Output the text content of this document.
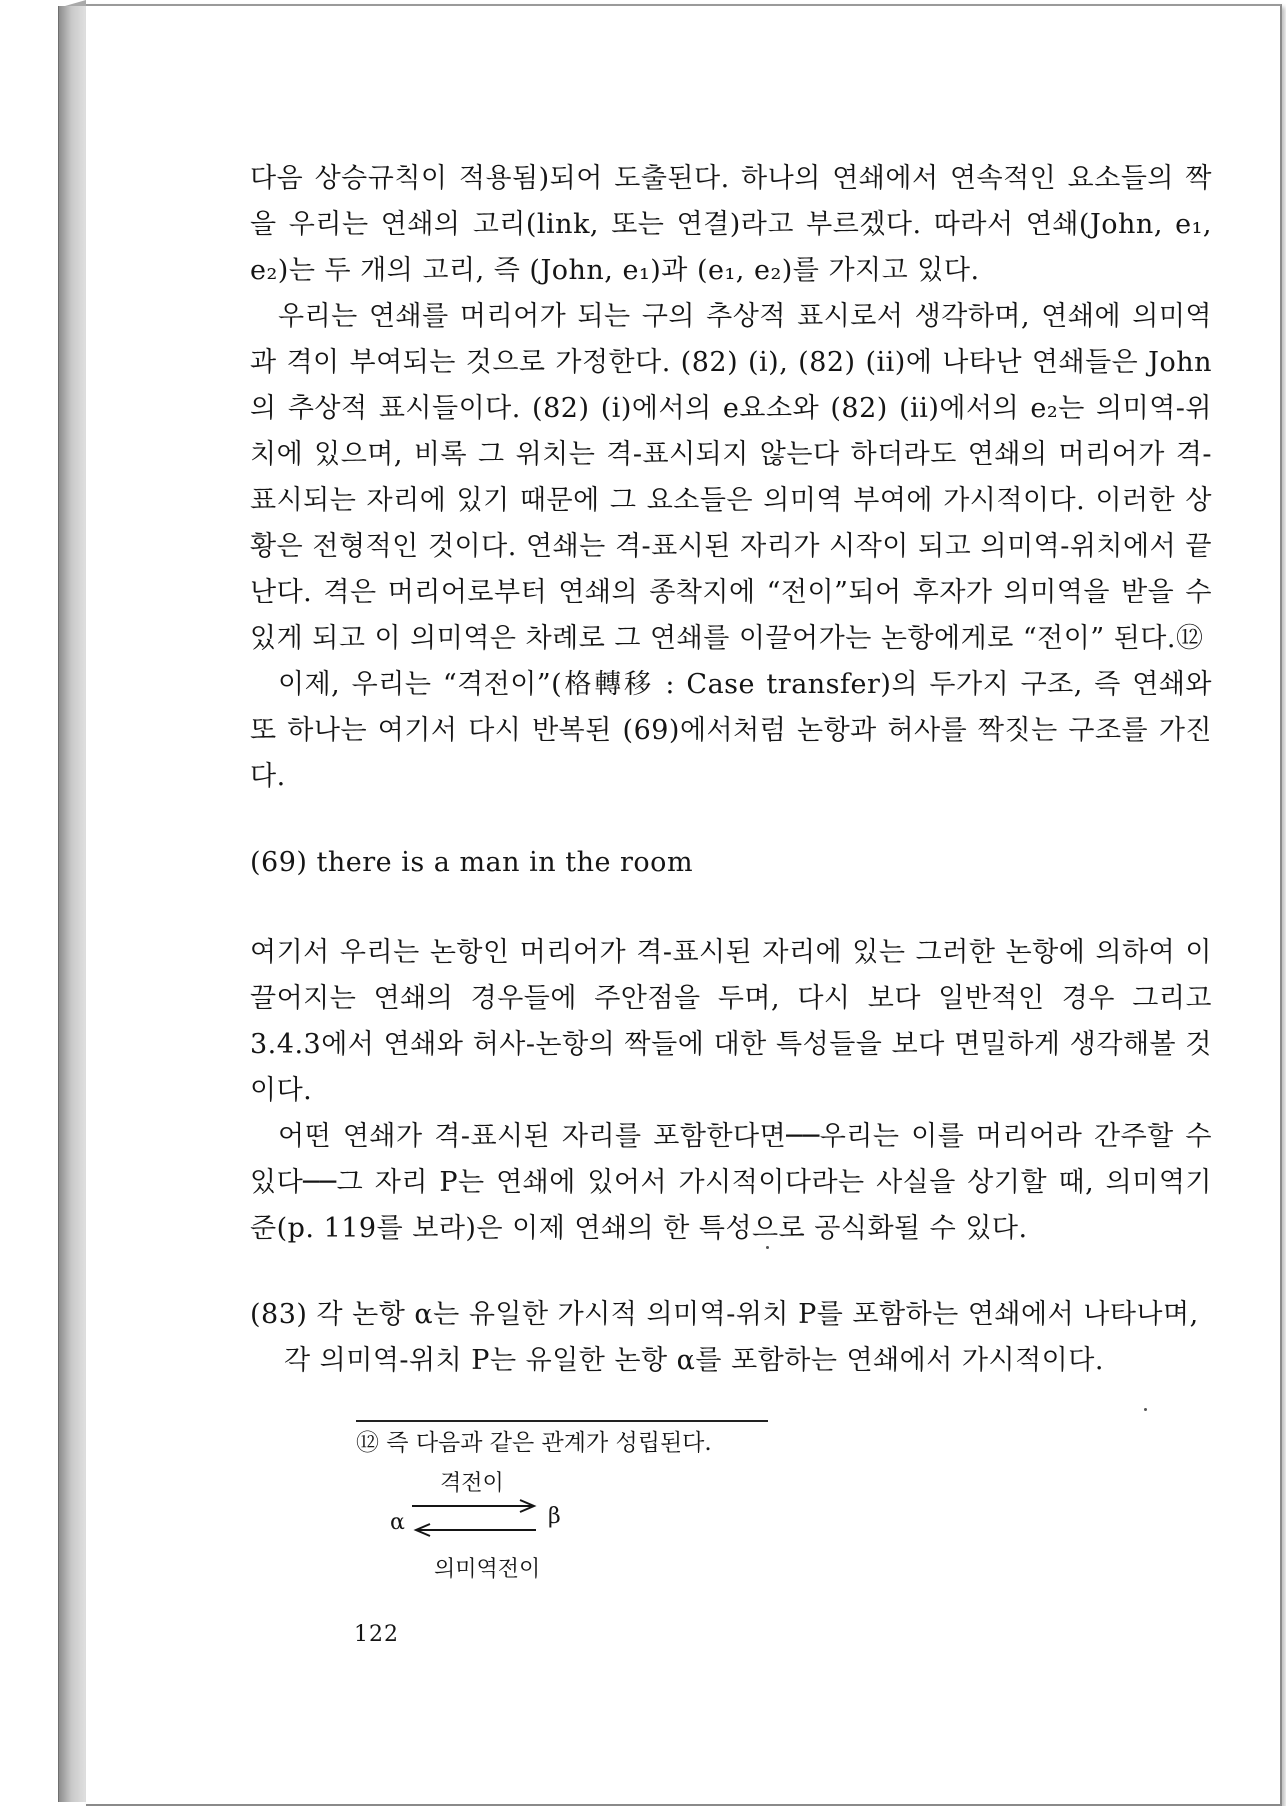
다음 상승규칙이 적용됨)되어 도출된다. 하나의 연쇄에서 연속적인 요소들의 짝을 우리는 연쇄의 고리(link, 또는 연결)라고 부르겠다. 따라서 연쇄(John, e₁, e₂)는 두 개의 고리, 즉 (John, e₁)과 (e₁, e₂)를 가지고 있다.

우리는 연쇄를 머리어가 되는 구의 추상적 표시로서 생각하며, 연쇄에 의미역과 격이 부여되는 것으로 가정한다. (82) (i), (82) (ii)에 나타난 연쇄들은 John의 추상적 표시들이다. (82) (i)에서의 e요소와 (82) (ii)에서의 e₂는 의미역-위치에 있으며, 비록 그 위치는 격-표시되지 않는다 하더라도 연쇄의 머리어가 격-표시되는 자리에 있기 때문에 그 요소들은 의미역 부여에 가시적이다. 이러한 상황은 전형적인 것이다. 연쇄는 격-표시된 자리가 시작이 되고 의미역-위치에서 끝난다. 격은 머리어로부터 연쇄의 종착지에 “전이”되어 후자가 의미역을 받을 수 있게 되고 이 의미역은 차례로 그 연쇄를 이끌어가는 논항에게로 “전이” 된다.⑫

이제, 우리는 “격전이”(格轉移 : Case transfer)의 두가지 구조, 즉 연쇄와 또 하나는 여기서 다시 반복된 (69)에서처럼 논항과 허사를 짝짓는 구조를 가진다.

(69) there is a man in the room

여기서 우리는 논항인 머리어가 격-표시된 자리에 있는 그러한 논항에 의하여 이끌어지는 연쇄의 경우들에 주안점을 두며, 다시 보다 일반적인 경우 그리고 3.4.3에서 연쇄와 허사-논항의 짝들에 대한 특성들을 보다 면밀하게 생각해볼 것이다.

어떤 연쇄가 격-표시된 자리를 포함한다면──우리는 이를 머리어라 간주할 수 있다──그 자리 P는 연쇄에 있어서 가시적이다라는 사실을 상기할 때, 의미역기준(p. 119를 보라)은 이제 연쇄의 한 특성으로 공식화될 수 있다.

(83) 각 논항 α는 유일한 가시적 의미역-위치 P를 포함하는 연쇄에서 나타나며,
각 의미역-위치 P는 유일한 논항 α를 포함하는 연쇄에서 가시적이다.

⑫ 즉 다음과 같은 관계가 성립된다.
격전이
α	β
의미역전이
122
